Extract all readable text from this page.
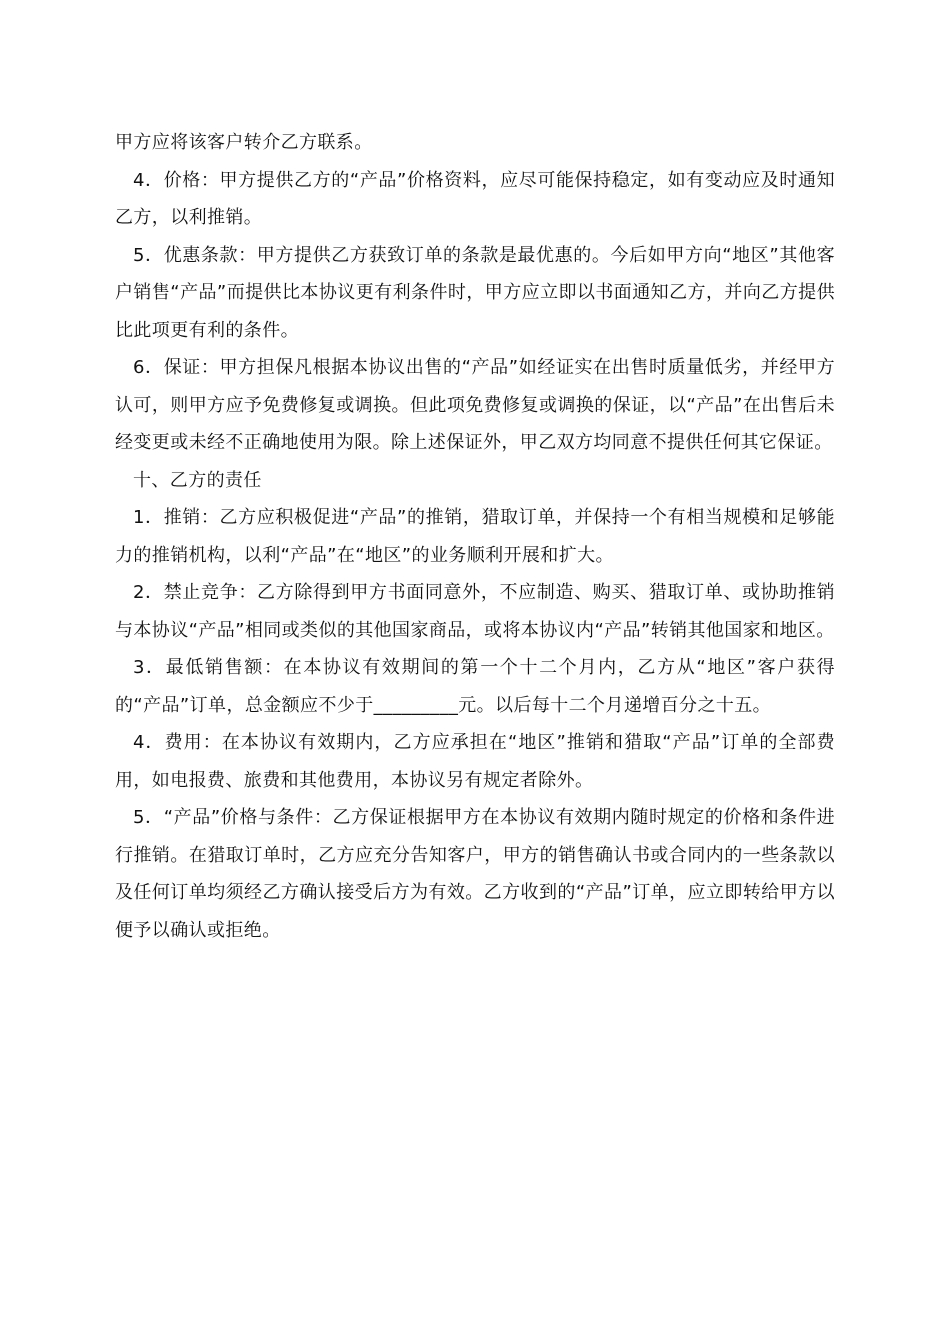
甲方应将该客户转介乙方联系。

4．价格：甲方提供乙方的“产品”价格资料，应尽可能保持稳定，如有变动应及时通知乙方，以利推销。

5．优惠条款：甲方提供乙方获致订单的条款是最优惠的。今后如甲方向“地区”其他客户销售“产品”而提供比本协议更有利条件时，甲方应立即以书面通知乙方，并向乙方提供比此项更有利的条件。

6．保证：甲方担保凡根据本协议出售的“产品”如经证实在出售时质量低劣，并经甲方认可，则甲方应予免费修复或调换。但此项免费修复或调换的保证，以“产品”在出售后未经变更或未经不正确地使用为限。除上述保证外，甲乙双方均同意不提供任何其它保证。

十、乙方的责任

1．推销：乙方应积极促进“产品”的推销，猎取订单，并保持一个有相当规模和足够能力的推销机构，以利“产品”在“地区”的业务顺利开展和扩大。

2．禁止竞争：乙方除得到甲方书面同意外，不应制造、购买、猎取订单、或协助推销与本协议“产品”相同或类似的其他国家商品，或将本协议内“产品”转销其他国家和地区。

3．最低销售额：在本协议有效期间的第一个十二个月内，乙方从“地区”客户获得的“产品”订单，总金额应不少于_________元。以后每十二个月递增百分之十五。

4．费用：在本协议有效期内，乙方应承担在“地区”推销和猎取“产品”订单的全部费用，如电报费、旅费和其他费用，本协议另有规定者除外。

5．“产品”价格与条件：乙方保证根据甲方在本协议有效期内随时规定的价格和条件进行推销。在猎取订单时，乙方应充分告知客户，甲方的销售确认书或合同内的一些条款以及任何订单均须经乙方确认接受后方为有效。乙方收到的“产品”订单，应立即转给甲方以便予以确认或拒绝。
